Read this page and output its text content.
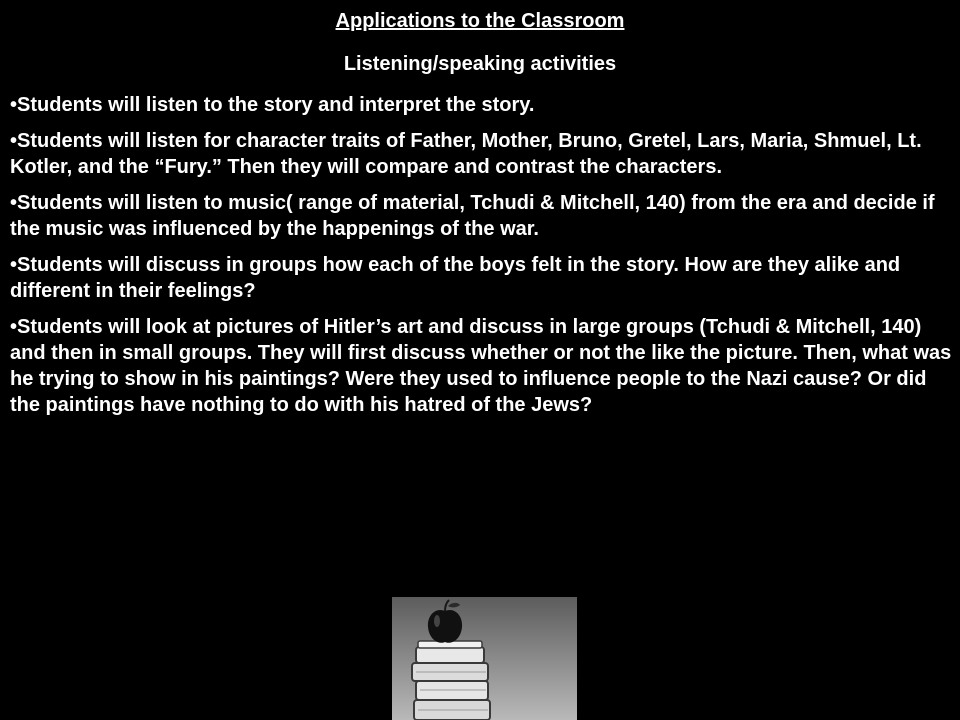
Applications to the Classroom
Listening/speaking activities
•Students will listen to the story and interpret the story.
•Students will listen for character traits of Father, Mother, Bruno, Gretel, Lars, Maria, Shmuel, Lt. Kotler, and the “Fury.” Then they will compare and contrast the characters.
•Students will listen to music( range of material, Tchudi & Mitchell, 140) from the era and decide if the music was influenced by the happenings of the war.
•Students will discuss in groups how each of the boys felt in the story. How are they alike and different in their feelings?
•Students will look at pictures of Hitler’s art and discuss in large groups (Tchudi & Mitchell, 140) and then in small groups. They will first discuss whether or not the like the picture. Then, what was he trying to show in his paintings? Were they used to influence people to the Nazi cause? Or did the paintings have nothing to do with his hatred of the Jews?
